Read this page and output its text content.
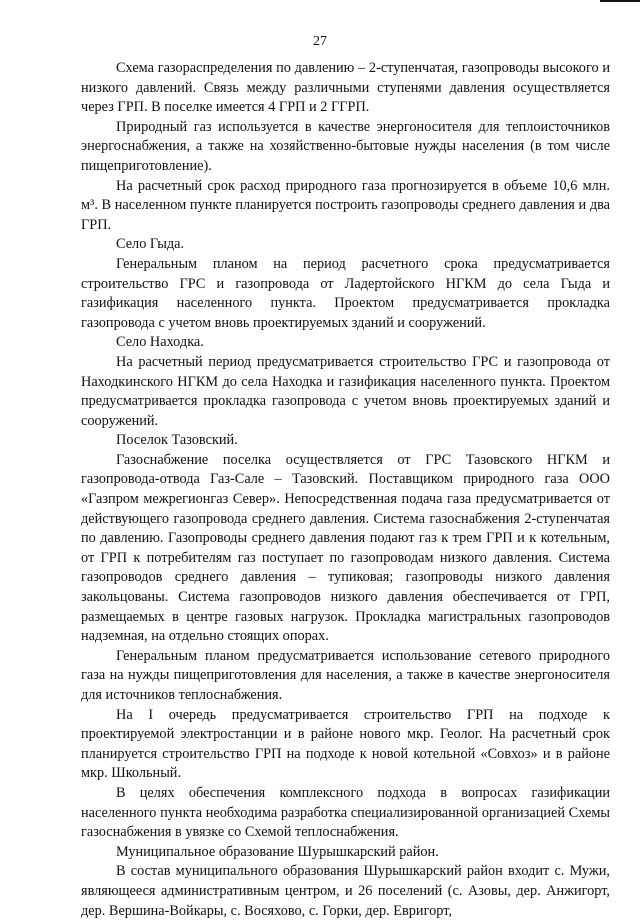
27

Схема газораспределения по давлению – 2-ступенчатая, газопроводы высокого и низкого давлений. Связь между различными ступенями давления осуществляется через ГРП. В поселке имеется 4 ГРП и 2 ГГРП.

Природный газ используется в качестве энергоносителя для теплоисточников энергоснабжения, а также на хозяйственно-бытовые нужды населения (в том числе пищеприготовление).

На расчетный срок расход природного газа прогнозируется в объеме 10,6 млн. м³. В населенном пункте планируется построить газопроводы среднего давления и два ГРП.

Село Гыда.

Генеральным планом на период расчетного срока предусматривается строительство ГРС и газопровода от Ладертойского НГКМ до села Гыда и газификация населенного пункта. Проектом предусматривается прокладка газопровода с учетом вновь проектируемых зданий и сооружений.

Село Находка.

На расчетный период предусматривается строительство ГРС и газопровода от Находкинского НГКМ до села Находка и газификация населенного пункта. Проектом предусматривается прокладка газопровода с учетом вновь проектируемых зданий и сооружений.

Поселок Тазовский.

Газоснабжение поселка осуществляется от ГРС Тазовского НГКМ и газопровода-отвода Газ-Сале – Тазовский. Поставщиком природного газа ООО «Газпром межрегионгаз Север». Непосредственная подача газа предусматривается от действующего газопровода среднего давления. Система газоснабжения 2-ступенчатая по давлению. Газопроводы среднего давления подают газ к трем ГРП и к котельным, от ГРП к потребителям газ поступает по газопроводам низкого давления. Система газопроводов среднего давления – тупиковая; газопроводы низкого давления закольцованы. Система газопроводов низкого давления обеспечивается от ГРП, размещаемых в центре газовых нагрузок. Прокладка магистральных газопроводов надземная, на отдельно стоящих опорах.

Генеральным планом предусматривается использование сетевого природного газа на нужды пищеприготовления для населения, а также в качестве энергоносителя для источников теплоснабжения.

На I очередь предусматривается строительство ГРП на подходе к проектируемой электростанции и в районе нового мкр. Геолог. На расчетный срок планируется строительство ГРП на подходе к новой котельной «Совхоз» и в районе мкр. Школьный.

В целях обеспечения комплексного подхода в вопросах газификации населенного пункта необходима разработка специализированной организацией Схемы газоснабжения в увязке со Схемой теплоснабжения.

Муниципальное образование Шурышкарский район.

В состав муниципального образования Шурышкарский район входит с. Мужи, являющееся административным центром, и 26 поселений (с. Азовы, дер. Анжигорт, дер. Вершина-Войкары, с. Восяхово, с. Горки, дер. Евригорт,
